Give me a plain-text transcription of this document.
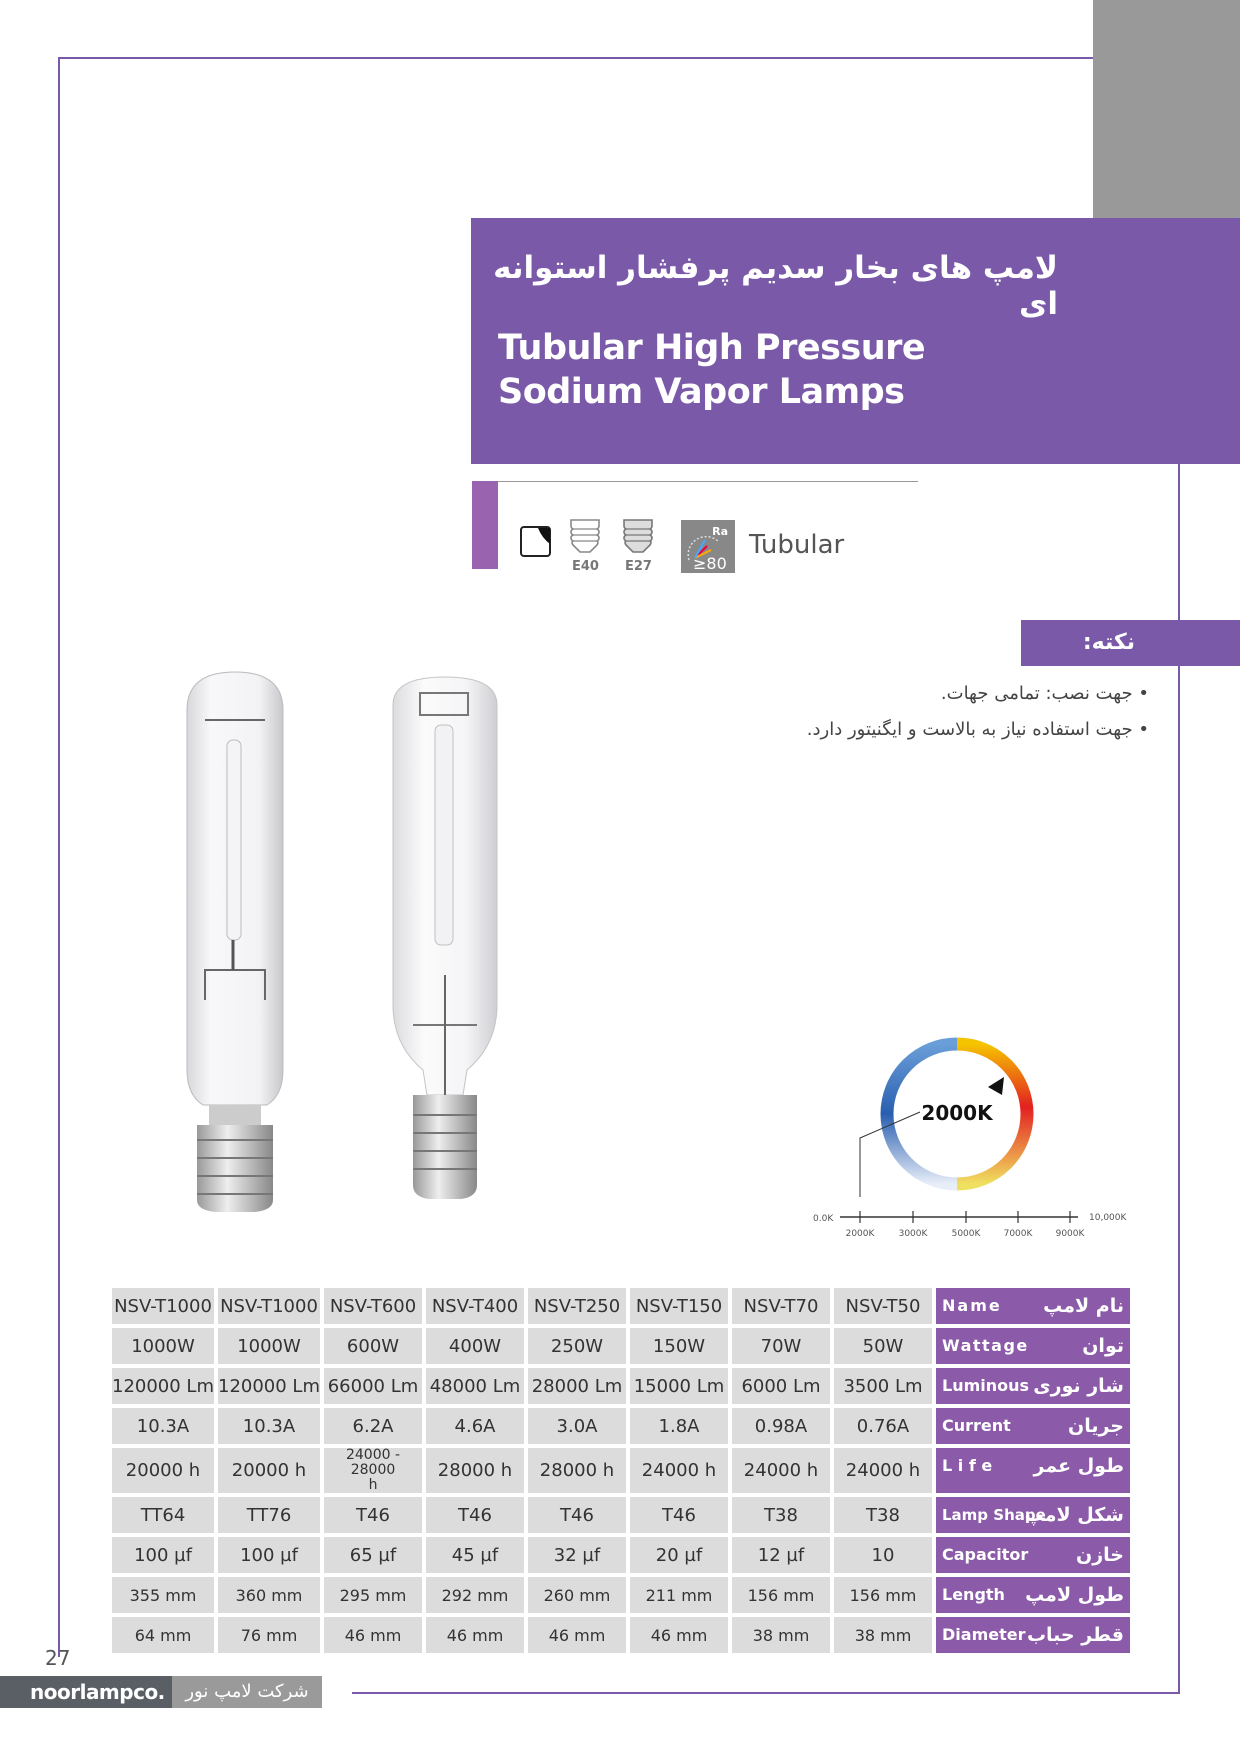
لامپ های بخار سدیم پرفشار استوانه ای
Tubular High Pressure
Sodium Vapor Lamps
E40 E27
Ra
≥80
Tubular
نکته:
• جهت نصب: تمامی جهات.
• جهت استفاده نیاز به بالاست و ایگنیتور دارد.
2000K
0.0K	10,000K
2000K	3000K	5000K	7000K	9000K
NSV-T1000	NSV-T1000	NSV-T600	NSV-T400	NSV-T250	NSV-T150	NSV-T70	NSV-T50	Name نام لامپ

1000W	1000W	600W	400W	250W	150W	70W	50W	Wattage توان

120000 Lm	120000 Lm	66000 Lm	48000 Lm	28000 Lm	15000 Lm	6000 Lm	3500 Lm	Luminous شار نوری

10.3A	10.3A	6.2A	4.6A	3.0A	1.8A	0.98A	0.76A	Current جریان

20000 h	20000 h	24000 - 28000 h	28000 h	28000 h	24000 h	24000 h	24000 h	L i f e طول عمر

TT64	TT76	T46	T46	T46	T46	T38	T38	Lamp Shape
شکل لامپ

100 µf	100 µf	65 µf	45 µf	32 µf	20 µf	12 µf	10	Capacitor خازن

355 mm	360 mm	295 mm	292 mm	260 mm	211 mm	156 mm	156 mm	Length طول لامپ

64 mm	76 mm	46 mm	46 mm	46 mm	46 mm	38 mm	38 mm	Diameter قطر حباب
27
noorlampco.	شرکت لامپ نور
